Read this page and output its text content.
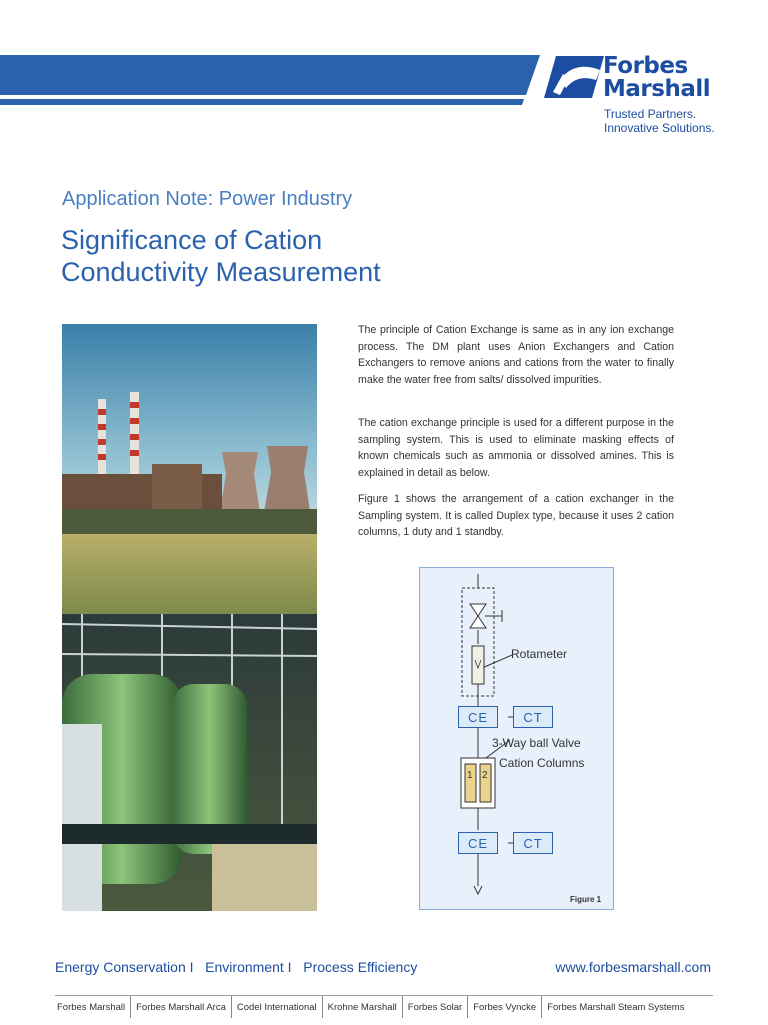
Forbes
Marshall
Trusted Partners.
Innovative Solutions.
Application Note: Power Industry
Significance of Cation
Conductivity Measurement

The principle of Cation Exchange is same as in any ion exchange process. The DM plant uses Anion Exchangers and Cation Exchangers to remove anions and cations from the water to finally make the water free from salts/ dissolved impurities.

The cation exchange principle is used for a different purpose in the sampling system. This is used to eliminate masking effects of known chemicals such as ammonia or dissolved amines. This is explained in detail as below.

Figure 1 shows the arrangement of a cation exchanger in the Sampling system. It is called Duplex type, because it uses 2 cation columns, 1 duty and 1 standby.

Rotameter
CE	CT
3-Way ball Valve
Cation Columns
1 2
CE	CT
Figure 1
Energy Conservation I   Environment I   Process Efficiency	www.forbesmarshall.com
Forbes Marshall	Forbes Marshall Arca	Codel International	Krohne Marshall	Forbes Solar	Forbes Vyncke	Forbes Marshall Steam Systems
